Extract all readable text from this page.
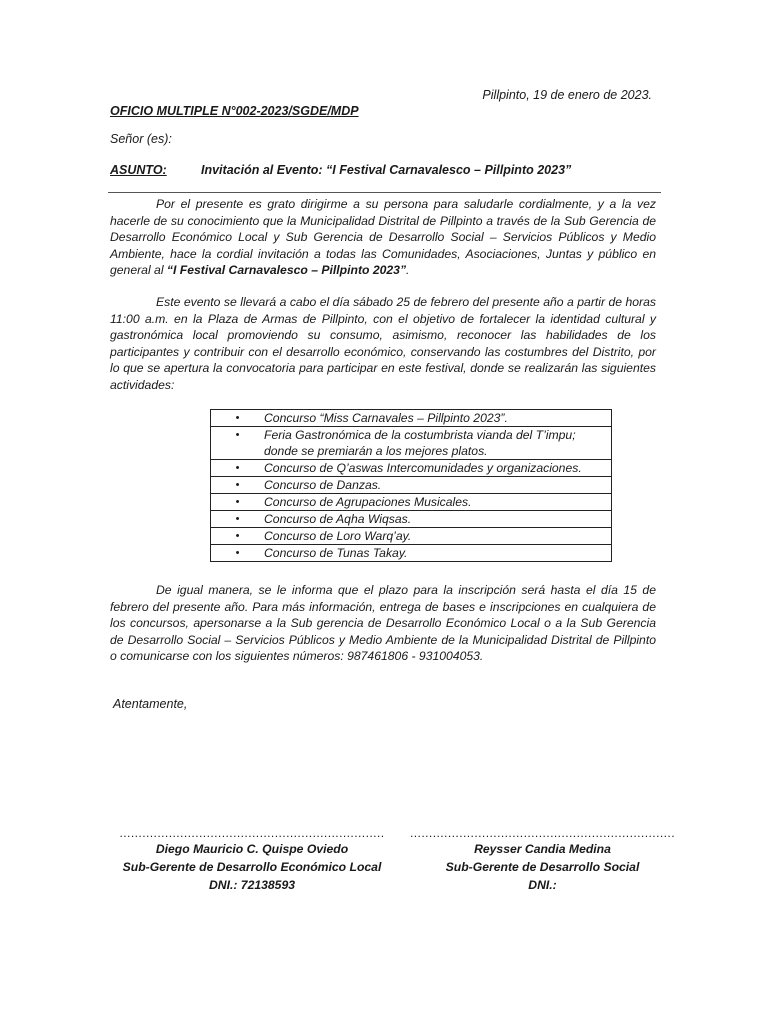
Pillpinto, 19 de enero de 2023.
OFICIO MULTIPLE N°002-2023/SGDE/MDP
Señor (es):
ASUNTO:	Invitación al Evento: “I Festival Carnavalesco – Pillpinto 2023”
Por el presente es grato dirigirme a su persona para saludarle cordialmente, y a la vez hacerle de su conocimiento que la Municipalidad Distrital de Pillpinto a través de la Sub Gerencia de Desarrollo Económico Local y Sub Gerencia de Desarrollo Social – Servicios Públicos y Medio Ambiente, hace la cordial invitación a todas las Comunidades, Asociaciones, Juntas y público en general al “I Festival Carnavalesco – Pillpinto 2023”.
Este evento se llevará a cabo el día sábado 25 de febrero del presente año a partir de horas 11:00 a.m. en la Plaza de Armas de Pillpinto, con el objetivo de fortalecer la identidad cultural y gastronómica local promoviendo su consumo, asimismo, reconocer las habilidades de los participantes y contribuir con el desarrollo económico, conservando las costumbres del Distrito, por lo que se apertura la convocatoria para participar en este festival, donde se realizarán las siguientes actividades:
•	Concurso “Miss Carnavales – Pillpinto 2023”.

•	Feria Gastronómica de la costumbrista vianda del T’impu; donde se premiarán a los mejores platos.

•	Concurso de Q’aswas Intercomunidades y organizaciones.

•	Concurso de Danzas.

•	Concurso de Agrupaciones Musicales.

•	Concurso de Aqha Wiqsas.

•	Concurso de Loro Warq’ay.

•	Concurso de Tunas Takay.
De igual manera, se le informa que el plazo para la inscripción será hasta el día 15 de febrero del presente año. Para más información, entrega de bases e inscripciones en cualquiera de los concursos, apersonarse a la Sub gerencia de Desarrollo Económico Local o a la Sub Gerencia de Desarrollo Social – Servicios Públicos y Medio Ambiente de la Municipalidad Distrital de Pillpinto o comunicarse con los siguientes números: 987461806 - 931004053.
Atentamente,
......................................................................
Diego Mauricio C. Quispe Oviedo
Sub-Gerente de Desarrollo Económico Local
DNI.: 72138593
......................................................................
Reysser Candia Medina
Sub-Gerente de Desarrollo Social
DNI.:
